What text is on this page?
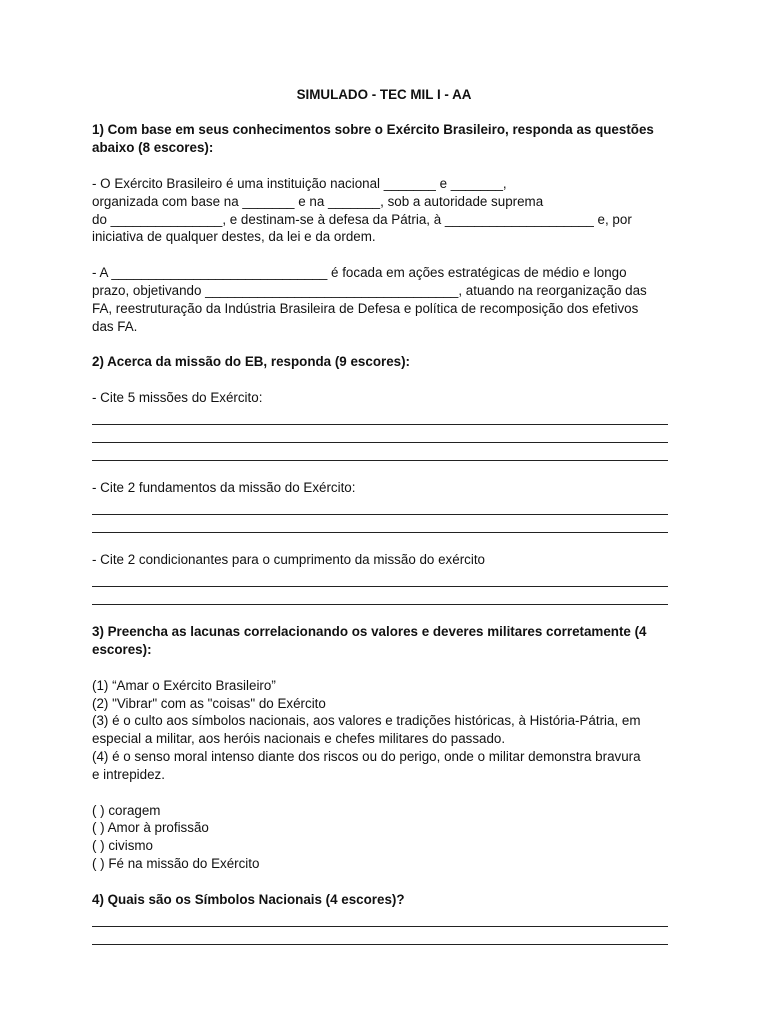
SIMULADO - TEC MIL I - AA
1) Com base em seus conhecimentos sobre o Exército Brasileiro, responda as questões abaixo (8 escores):
- O Exército Brasileiro é uma instituição nacional _______ e _______,
organizada com base na _______ e na _______, sob a autoridade suprema
do _______________, e destinam-se à defesa da Pátria, à ____________________ e, por
iniciativa de qualquer destes, da lei e da ordem.
- A _____________________________ é focada em ações estratégicas de médio e longo
prazo, objetivando __________________________________, atuando na reorganização das
FA, reestruturação da Indústria Brasileira de Defesa e política de recomposição dos efetivos
das FA.
2) Acerca da missão do EB, responda (9 escores):
- Cite 5 missões do Exército:
- Cite 2 fundamentos da missão do Exército:
- Cite 2 condicionantes para o cumprimento da missão do exército
3) Preencha as lacunas correlacionando os valores e deveres militares corretamente (4 escores):
(1) “Amar o Exército Brasileiro”
(2) "Vibrar" com as "coisas" do Exército
(3) é o culto aos símbolos nacionais, aos valores e tradições históricas, à História-Pátria, em
especial a militar, aos heróis nacionais e chefes militares do passado.
(4) é o senso moral intenso diante dos riscos ou do perigo, onde o militar demonstra bravura
e intrepidez.
( ) coragem
( ) Amor à profissão
( ) civismo
( ) Fé na missão do Exército
4) Quais são os Símbolos Nacionais (4 escores)?
